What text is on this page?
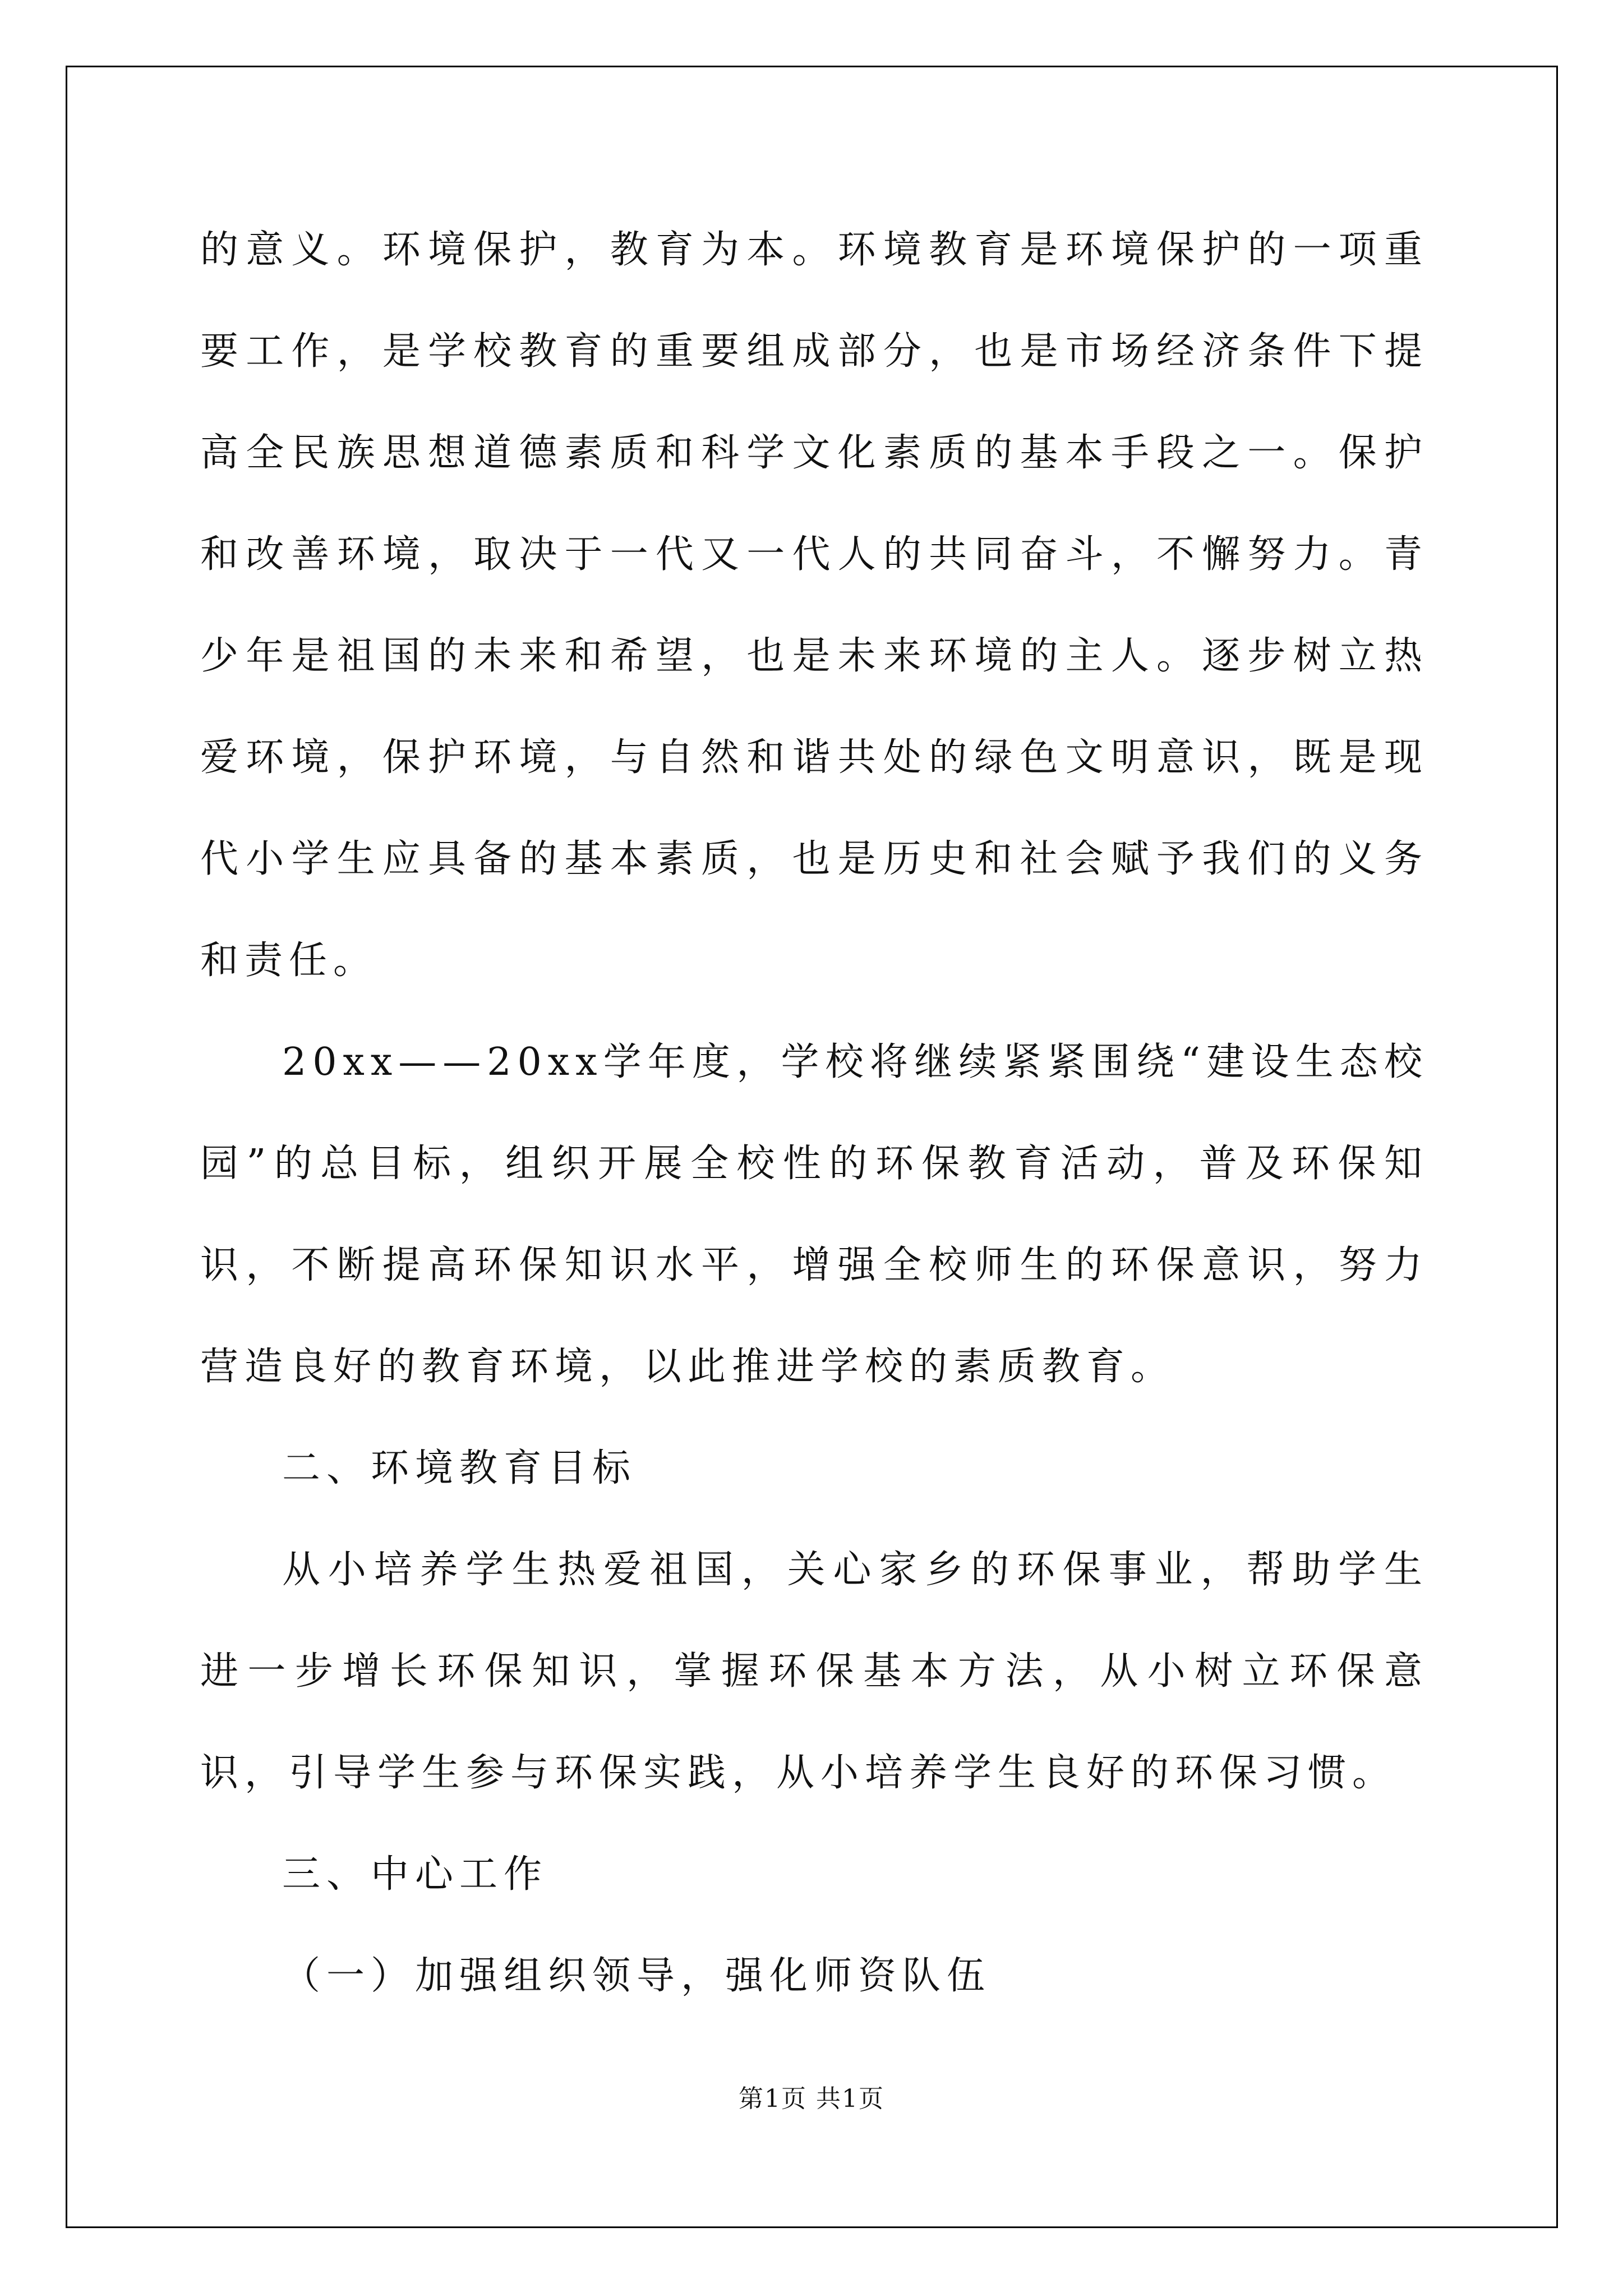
的意义。环境保护，教育为本。环境教育是环境保护的一项重要工作，是学校教育的重要组成部分，也是市场经济条件下提高全民族思想道德素质和科学文化素质的基本手段之一。保护和改善环境，取决于一代又一代人的共同奋斗，不懈努力。青少年是祖国的未来和希望，也是未来环境的主人。逐步树立热爱环境，保护环境，与自然和谐共处的绿色文明意识，既是现代小学生应具备的基本素质，也是历史和社会赋予我们的义务和责任。

20xx——20xx学年度，学校将继续紧紧围绕“建设生态校园”的总目标，组织开展全校性的环保教育活动，普及环保知识，不断提高环保知识水平，增强全校师生的环保意识，努力营造良好的教育环境，以此推进学校的素质教育。

二、环境教育目标

从小培养学生热爱祖国，关心家乡的环保事业，帮助学生进一步增长环保知识，掌握环保基本方法，从小树立环保意识，引导学生参与环保实践，从小培养学生良好的环保习惯。

三、中心工作

（一）加强组织领导，强化师资队伍

第1页 共1页
